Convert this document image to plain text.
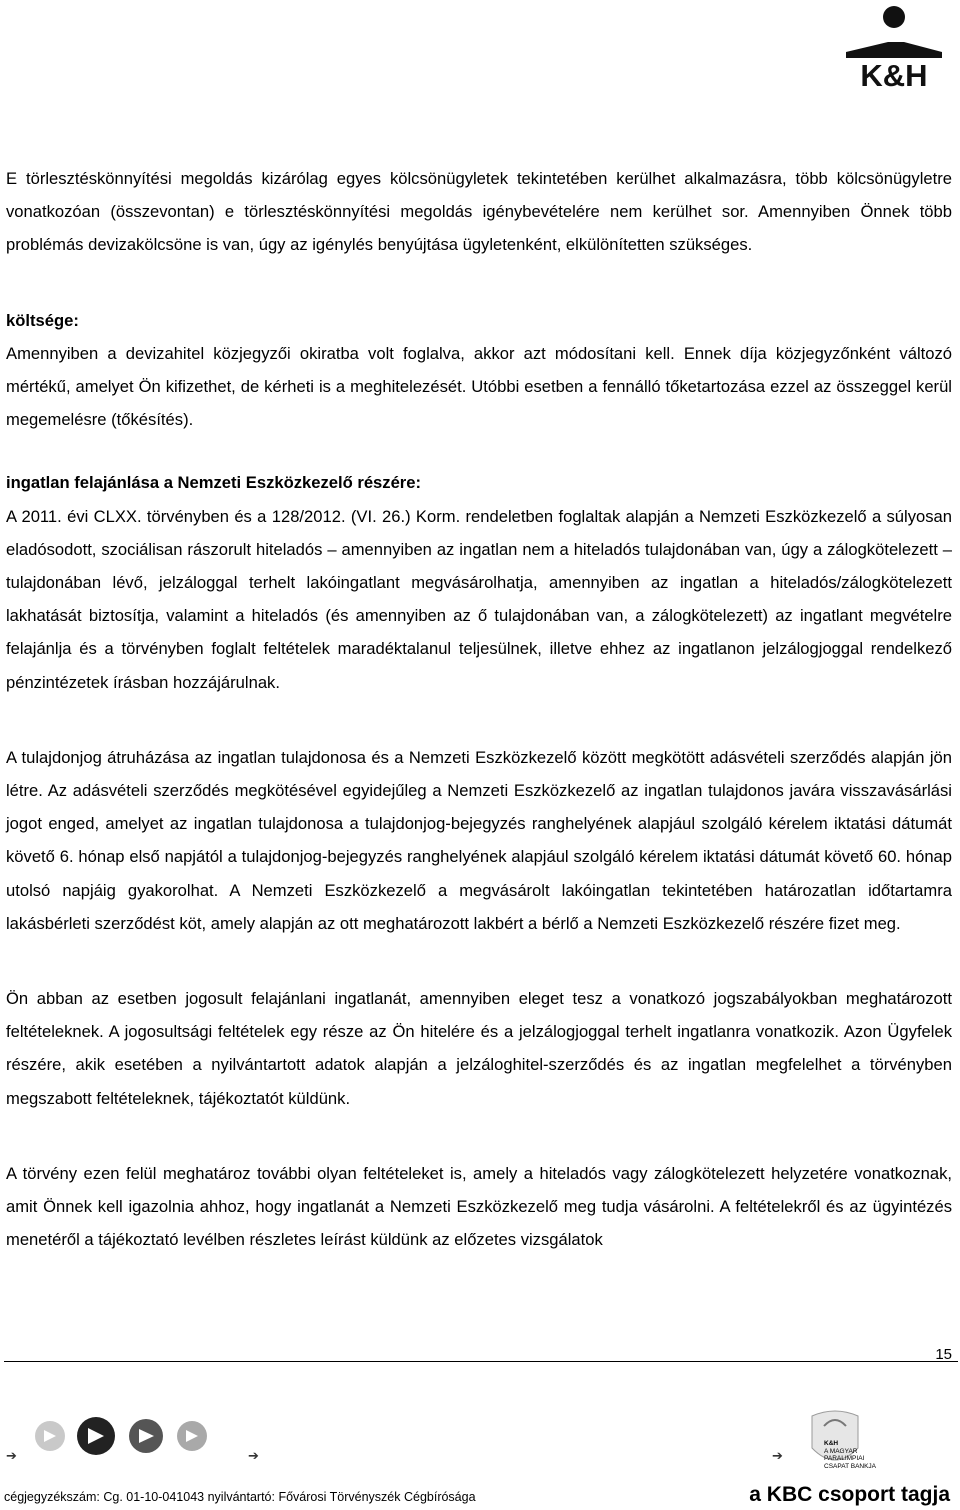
K&H

E törlesztéskönnyítési megoldás kizárólag egyes kölcsönügyletek tekintetében kerülhet alkalmazásra, több kölcsönügyletre vonatkozóan (összevontan) e törlesztéskönnyítési megoldás igénybevételére nem kerülhet sor. Amennyiben Önnek több problémás devizakölcsöne is van, úgy az igénylés benyújtása ügyletenként, elkülönítetten szükséges.

költsége:

Amennyiben a devizahitel közjegyzői okiratba volt foglalva, akkor azt módosítani kell. Ennek díja közjegyzőnként változó mértékű, amelyet Ön kifizethet, de kérheti is a meghitelezését. Utóbbi esetben a fennálló tőketartozása ezzel az összeggel kerül megemelésre (tőkésítés).

ingatlan felajánlása a Nemzeti Eszközkezelő részére:

A 2011. évi CLXX. törvényben és a 128/2012. (VI. 26.) Korm. rendeletben foglaltak alapján a Nemzeti Eszközkezelő a súlyosan eladósodott, szociálisan rászorult hiteladós – amennyiben az ingatlan nem a hiteladós tulajdonában van, úgy a zálogkötelezett – tulajdonában lévő, jelzáloggal terhelt lakóingatlant megvásárolhatja, amennyiben az ingatlan a hiteladós/zálogkötelezett lakhatását biztosítja, valamint a hiteladós (és amennyiben az ő tulajdonában van, a zálogkötelezett) az ingatlant megvételre felajánlja és a törvényben foglalt feltételek maradéktalanul teljesülnek, illetve ehhez az ingatlanon jelzálogjoggal rendelkező pénzintézetek írásban hozzájárulnak.

A tulajdonjog átruházása az ingatlan tulajdonosa és a Nemzeti Eszközkezelő között megkötött adásvételi szerződés alapján jön létre. Az adásvételi szerződés megkötésével egyidejűleg a Nemzeti Eszközkezelő az ingatlan tulajdonos javára visszavásárlási jogot enged, amelyet az ingatlan tulajdonosa a tulajdonjog-bejegyzés ranghelyének alapjául szolgáló kérelem iktatási dátumát követő 6. hónap első napjától a tulajdonjog-bejegyzés ranghelyének alapjául szolgáló kérelem iktatási dátumát követő 60. hónap utolsó napjáig gyakorolhat. A Nemzeti Eszközkezelő a megvásárolt lakóingatlan tekintetében határozatlan időtartamra lakásbérleti szerződést köt, amely alapján az ott meghatározott lakbért a bérlő a Nemzeti Eszközkezelő részére fizet meg.

Ön abban az esetben jogosult felajánlani ingatlanát, amennyiben eleget tesz a vonatkozó jogszabályokban meghatározott feltételeknek. A jogosultsági feltételek egy része az Ön hitelére és a jelzálogjoggal terhelt ingatlanra vonatkozik. Azon Ügyfelek részére, akik esetében a nyilvántartott adatok alapján a jelzáloghitel-szerződés és az ingatlan megfelelhet a törvényben megszabott feltételeknek, tájékoztatót küldünk.

A törvény ezen felül meghatároz további olyan feltételeket is, amely a hiteladós vagy zálogkötelezett helyzetére vonatkoznak, amit Önnek kell igazolnia ahhoz, hogy ingatlanát a Nemzeti Eszközkezelő meg tudja vásárolni. A feltételekről és az ügyintézés menetéről a tájékoztató levélben részletes leírást küldünk az előzetes vizsgálatok

15
➔	➔	➔
cégjegyzékszám: Cg. 01-10-041043 nyilvántartó: Fővárosi Törvényszék Cégbírósága
K&H
A MAGYAR
PARALIMPIAI
CSAPAT BANKJA
a KBC csoport tagja
